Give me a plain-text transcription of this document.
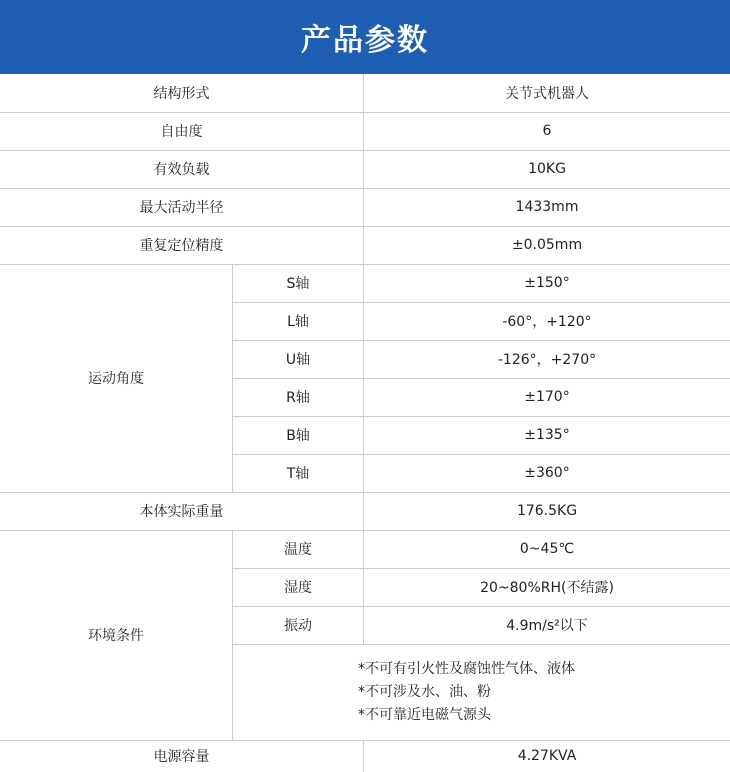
产品参数
结构形式	关节式机器人
自由度	6
有效负载	10KG
最大活动半径	1433mm
重复定位精度	±0.05mm
运动角度
S轴	±150°
L轴	-60°，+120°
U轴	-126°，+270°
R轴	±170°
B轴	±135°
T轴	±360°
本体实际重量	176.5KG
环境条件
温度	0~45℃
湿度	20~80%RH(不结露)
振动	4.9m/s²以下
*不可有引火性及腐蚀性气体、液体
*不可涉及水、油、粉
*不可靠近电磁气源头
电源容量	4.27KVA
